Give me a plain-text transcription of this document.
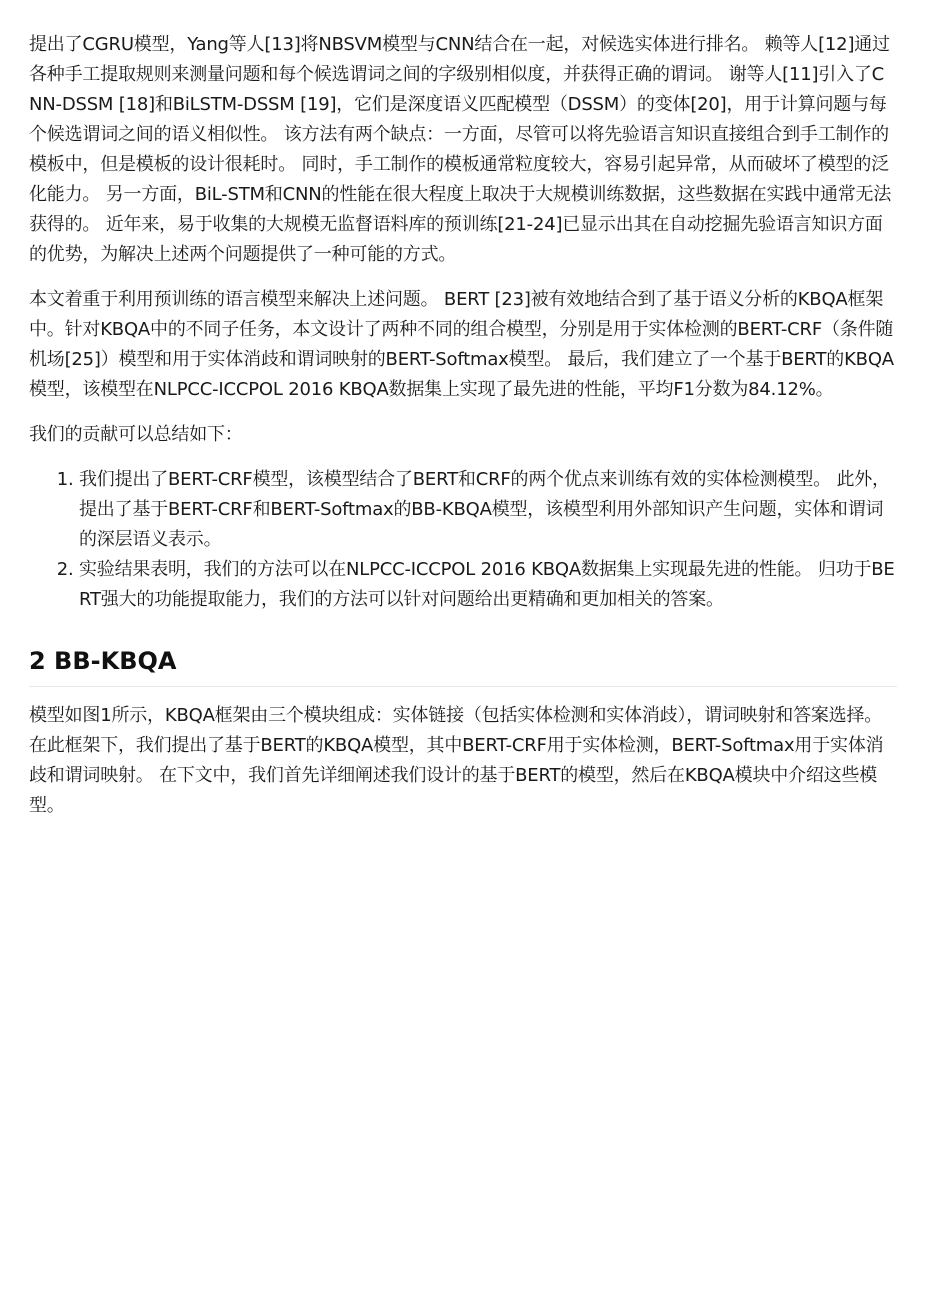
提出了CGRU模型，Yang等人[13]将NBSVM模型与CNN结合在一起，对候选实体进行排名。 赖等人[12]通过各种手工提取规则来测量问题和每个候选谓词之间的字级别相似度，并获得正确的谓词。 谢等人[11]引入了CNN-DSSM [18]和BiLSTM-DSSM [19]，它们是深度语义匹配模型（DSSM）的变体[20]，用于计算问题与每个候选谓词之间的语义相似性。 该方法有两个缺点：一方面，尽管可以将先验语言知识直接组合到手工制作的模板中，但是模板的设计很耗时。 同时，手工制作的模板通常粒度较大，容易引起异常，从而破坏了模型的泛化能力。 另一方面，BiL-STM和CNN的性能在很大程度上取决于大规模训练数据，这些数据在实践中通常无法获得的。 近年来，易于收集的大规模无监督语料库的预训练[21-24]已显示出其在自动挖掘先验语言知识方面的优势，为解决上述两个问题提供了一种可能的方式。

本文着重于利用预训练的语言模型来解决上述问题。 BERT [23]被有效地结合到了基于语义分析的KBQA框架中。针对KBQA中的不同子任务，本文设计了两种不同的组合模型，分别是用于实体检测的BERT-CRF（条件随机场[25]）模型和用于实体消歧和谓词映射的BERT-Softmax模型。 最后，我们建立了一个基于BERT的KBQA模型，该模型在NLPCC-ICCPOL 2016 KBQA数据集上实现了最先进的性能，平均F1分数为84.12%。

我们的贡献可以总结如下：

1. 我们提出了BERT-CRF模型，该模型结合了BERT和CRF的两个优点来训练有效的实体检测模型。 此外，提出了基于BERT-CRF和BERT-Softmax的BB-KBQA模型，该模型利用外部知识产生问题，实体和谓词的深层语义表示。
2. 实验结果表明，我们的方法可以在NLPCC-ICCPOL 2016 KBQA数据集上实现最先进的性能。 归功于BERT强大的功能提取能力，我们的方法可以针对问题给出更精确和更加相关的答案。
2 BB-KBQA

模型如图1所示，KBQA框架由三个模块组成：实体链接（包括实体检测和实体消歧），谓词映射和答案选择。
在此框架下，我们提出了基于BERT的KBQA模型，其中BERT-CRF用于实体检测，BERT-Softmax用于实体消歧和谓词映射。 在下文中，我们首先详细阐述我们设计的基于BERT的模型，然后在KBQA模块中介绍这些模型。
